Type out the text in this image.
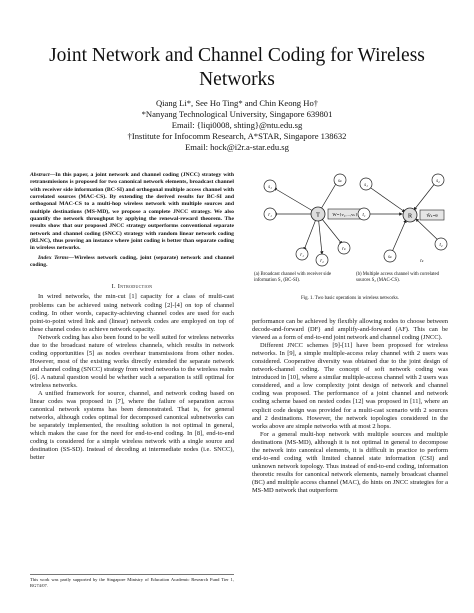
Joint Network and Channel Coding for Wireless Networks
Qiang Li*, See Ho Ting* and Chin Keong Ho†
*Nanyang Technological University, Singapore 639801
Email: {liqi0008, shting}@ntu.edu.sg
†Institute for Infocomm Research, A*STAR, Singapore 138632
Email: hock@i2r.a-star.edu.sg

Abstract—In this paper, a joint network and channel coding (JNCC) strategy with retransmissions is proposed for two canonical network elements, broadcast channel with receiver side information (BC-SI) and orthogonal multiple access channel with correlated sources (MAC-CS). By extending the derived results for BC-SI and orthogonal MAC-CS to a multi-hop wireless network with multiple sources and multiple destinations (MS-MD), we propose a complete JNCC strategy. We also quantify the network throughput by applying the renewal-reward theorem. The results show that our proposed JNCC strategy outperforms conventional separate network and channel coding (SNCC) strategy with random linear network coding (RLNC), thus proving an instance where joint coding is better than separate coding in wireless networks.

Index Terms—Wireless network coding, joint (separate) network and channel coding.

I. Introduction

In wired networks, the min-cut [1] capacity for a class of multi-cast problems can be achieved using network coding [2]-[4] on top of channel coding. In other words, capacity-achieving channel codes are used for each point-to-point wired link and (linear) network codes are employed on top of these channel codes to achieve network capacity.

Network coding has also been found to be well suited for wireless networks due to the broadcast nature of wireless channels, which results in network coding opportunities [5] as nodes overhear transmissions from other nodes. However, most of the existing works directly extended the separate network and channel coding (SNCC) strategy from wired networks to the wireless realm [6]. A natural question would be whether such a separation is still optimal for wireless networks.

A unified framework for source, channel, and network coding based on linear codes was proposed in [7], where the failure of separation across canonical network systems has been demonstrated. That is, for general networks, although codes optimal for decomposed canonical subnetworks can be separately implemented, the resulting solution is not optimal in general, which makes the case for the need for end-to-end coding. In [8], end-to-end coding is considered for a simple wireless network with a single source and destination (SS-SD). Instead of decoding at intermediate nodes (i.e. SNCC), better

This work was partly supported by the Singapore Ministry of Education Academic Research Fund Tier 1, RG74/07.
T	W={v₁,...,vₖ}
s₁
r₁
sₖ
rₖ
r₂
r₁
R	Ŵₖ=θ
s₁
t₁
s₂
t₂
sₖ
tₖ
(a) Broadcast channel with receiver side information S₁ (BC-SI).
(b) Multiple access channel with correlated sources S₂ (MAC-CS).
Fig. 1. Two basic operations in wireless networks.

performance can be achieved by flexibly allowing nodes to choose between decode-and-forward (DF) and amplify-and-forward (AF). This can be viewed as a form of end-to-end joint network and channel coding (JNCC).

Different JNCC schemes [9]-[11] have been proposed for wireless networks. In [9], a simple multiple-access relay channel with 2 users was considered. Cooperative diversity was obtained due to the joint design of network-channel coding. The concept of soft network coding was introduced in [10], where a similar multiple-access channel with 2 users was considered, and a low complexity joint design of network and channel coding was proposed. The performance of a joint channel and network coding scheme based on nested codes [12] was proposed in [11], where an explicit code design was provided for a multi-cast scenario with 2 sources and 2 destinations. However, the network topologies considered in the works above are simple networks with at most 2 hops.

For a general multi-hop network with multiple sources and multiple destinations (MS-MD), although it is not optimal in general to decompose the network into canonical elements, it is difficult in practice to perform end-to-end coding with limited channel state information (CSI) and unknown network topology. Thus instead of end-to-end coding, information theoretic results for canonical network elements, namely broadcast channel (BC) and multiple access channel (MAC), do hints on JNCC strategies for a MS-MD network that outperform
